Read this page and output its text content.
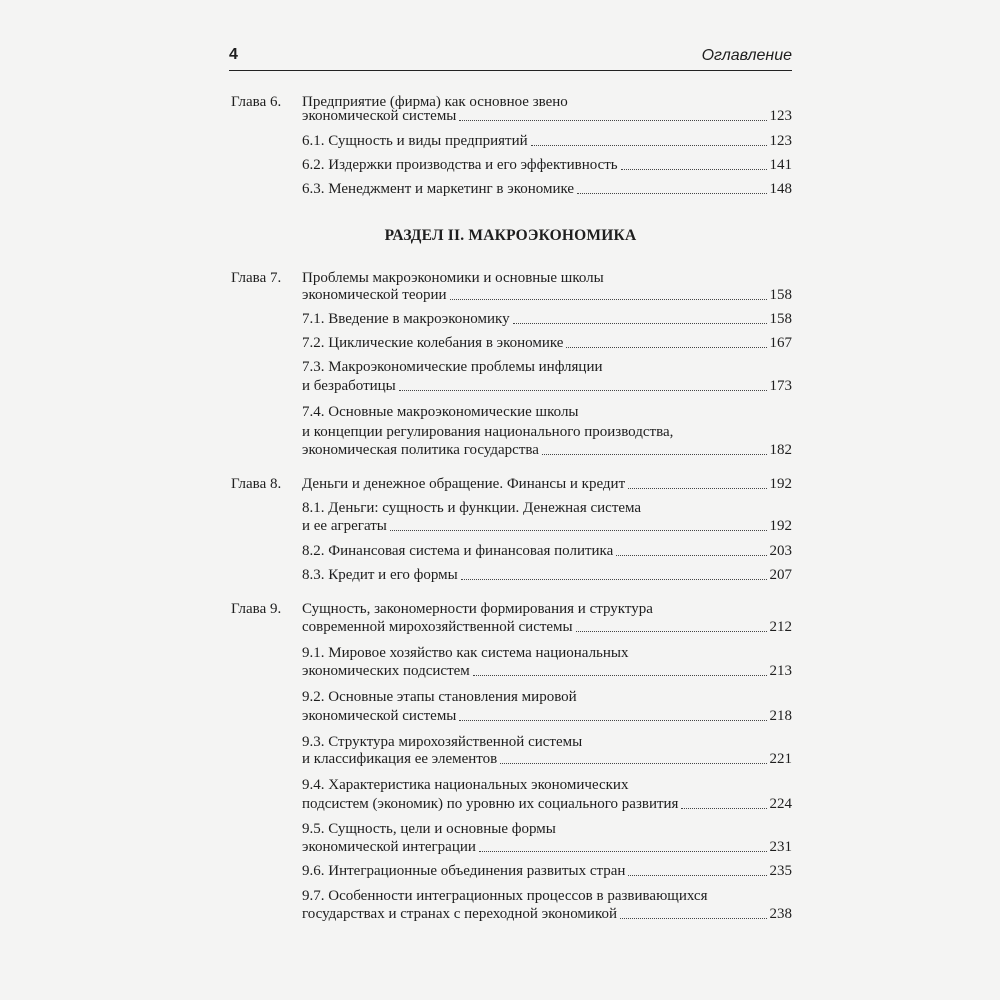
4	Оглавление
Глава 6. Предприятие (фирма) как основное звено
экономической системы	123
6.1. Сущность и виды предприятий	123
6.2. Издержки производства и его эффективность	141
6.3. Менеджмент и маркетинг в экономике	148
РАЗДЕЛ II. МАКРОЭКОНОМИКА
Глава 7. Проблемы макроэкономики и основные школы
экономической теории	158
7.1. Введение в макроэкономику	158
7.2. Циклические колебания в экономике	167
7.3. Макроэкономические проблемы инфляции
и безработицы	173
7.4. Основные макроэкономические школы
и концепции регулирования национального производства,
экономическая политика государства	182
Глава 8. Деньги и денежное обращение. Финансы и кредит	192
8.1. Деньги: сущность и функции. Денежная система
и ее агрегаты	192
8.2. Финансовая система и финансовая политика	203
8.3. Кредит и его формы	207
Глава 9. Сущность, закономерности формирования и структура
современной мирохозяйственной системы	212
9.1. Мировое хозяйство как система национальных
экономических подсистем	213
9.2. Основные этапы становления мировой
экономической системы	218
9.3. Структура мирохозяйственной системы
и классификация ее элементов	221
9.4. Характеристика национальных экономических
подсистем (экономик) по уровню их социального развития	224
9.5. Сущность, цели и основные формы
экономической интеграции	231
9.6. Интеграционные объединения развитых стран	235
9.7. Особенности интеграционных процессов в развивающихся
государствах и странах с переходной экономикой	238
